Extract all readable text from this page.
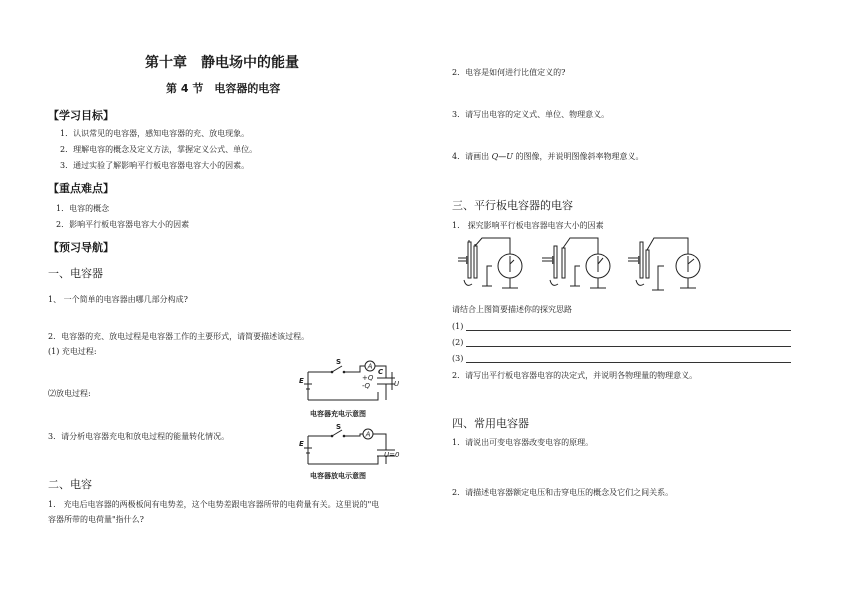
第十章　静电场中的能量
第 4 节　电容器的电容
【学习目标】
1．认识常见的电容器，感知电容器的充、放电现象。
2．理解电容的概念及定义方法，掌握定义公式、单位。
3．通过实验了解影响平行板电容器电容大小的因素。
【重点难点】
1．电容的概念
2．影响平行板电容器电容大小的因素
【预习导航】
一、电容器
1、 一个简单的电容器由哪几部分构成?
2．电容器的充、放电过程是电容器工作的主要形式，请简要描述该过程。
(1) 充电过程:
⑵放电过程:
3．请分析电容器充电和放电过程的能量转化情况。
A
E
S
C
U
+Q
-Q
电容器充电示意图
A
E
S
U=0
电容器放电示意图
二、电容
1.　充电后电容器的两极板间有电势差，这个电势差跟电容器所带的电荷量有关。这里说的"电
容器所带的电荷量"指什么?
2．电容是如何进行比值定义的?
3．请写出电容的定义式、单位、物理意义。
4．请画出 Q—U 的图像，并说明图像斜率物理意义。
三、平行板电容器的电容
1.　探究影响平行板电容器电容大小的因素
请结合上图简要描述你的探究思路
(1)
(2)
(3)
2．请写出平行板电容器电容的决定式，并说明各物理量的物理意义。
四、常用电容器
1．请说出可变电容器改变电容的原理。
2．请描述电容器额定电压和击穿电压的概念及它们之间关系。
